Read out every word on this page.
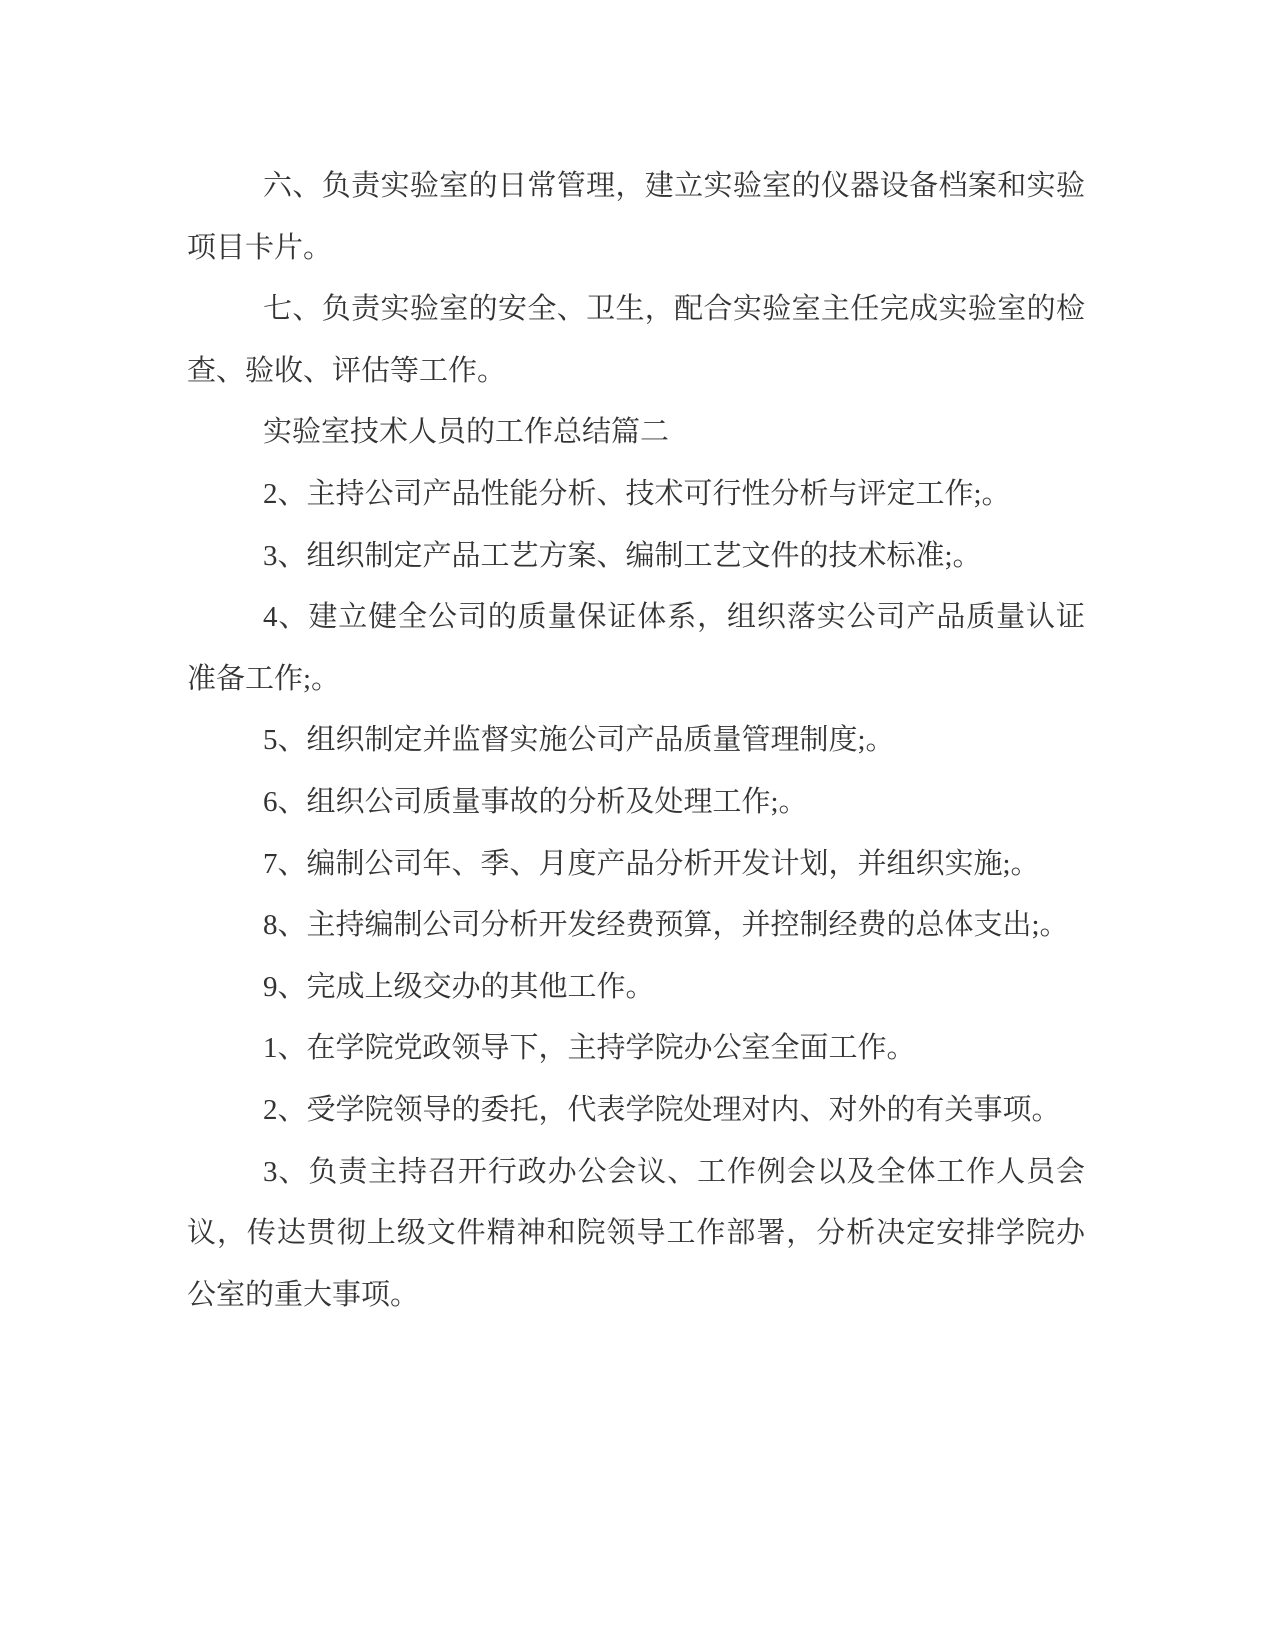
六、负责实验室的日常管理，建立实验室的仪器设备档案和实验项目卡片。

七、负责实验室的安全、卫生，配合实验室主任完成实验室的检查、验收、评估等工作。

实验室技术人员的工作总结篇二

2、主持公司产品性能分析、技术可行性分析与评定工作;。

3、组织制定产品工艺方案、编制工艺文件的技术标准;。

4、建立健全公司的质量保证体系，组织落实公司产品质量认证准备工作;。

5、组织制定并监督实施公司产品质量管理制度;。

6、组织公司质量事故的分析及处理工作;。

7、编制公司年、季、月度产品分析开发计划，并组织实施;。

8、主持编制公司分析开发经费预算，并控制经费的总体支出;。

9、完成上级交办的其他工作。

1、在学院党政领导下，主持学院办公室全面工作。

2、受学院领导的委托，代表学院处理对内、对外的有关事项。

3、负责主持召开行政办公会议、工作例会以及全体工作人员会议，传达贯彻上级文件精神和院领导工作部署，分析决定安排学院办公室的重大事项。
